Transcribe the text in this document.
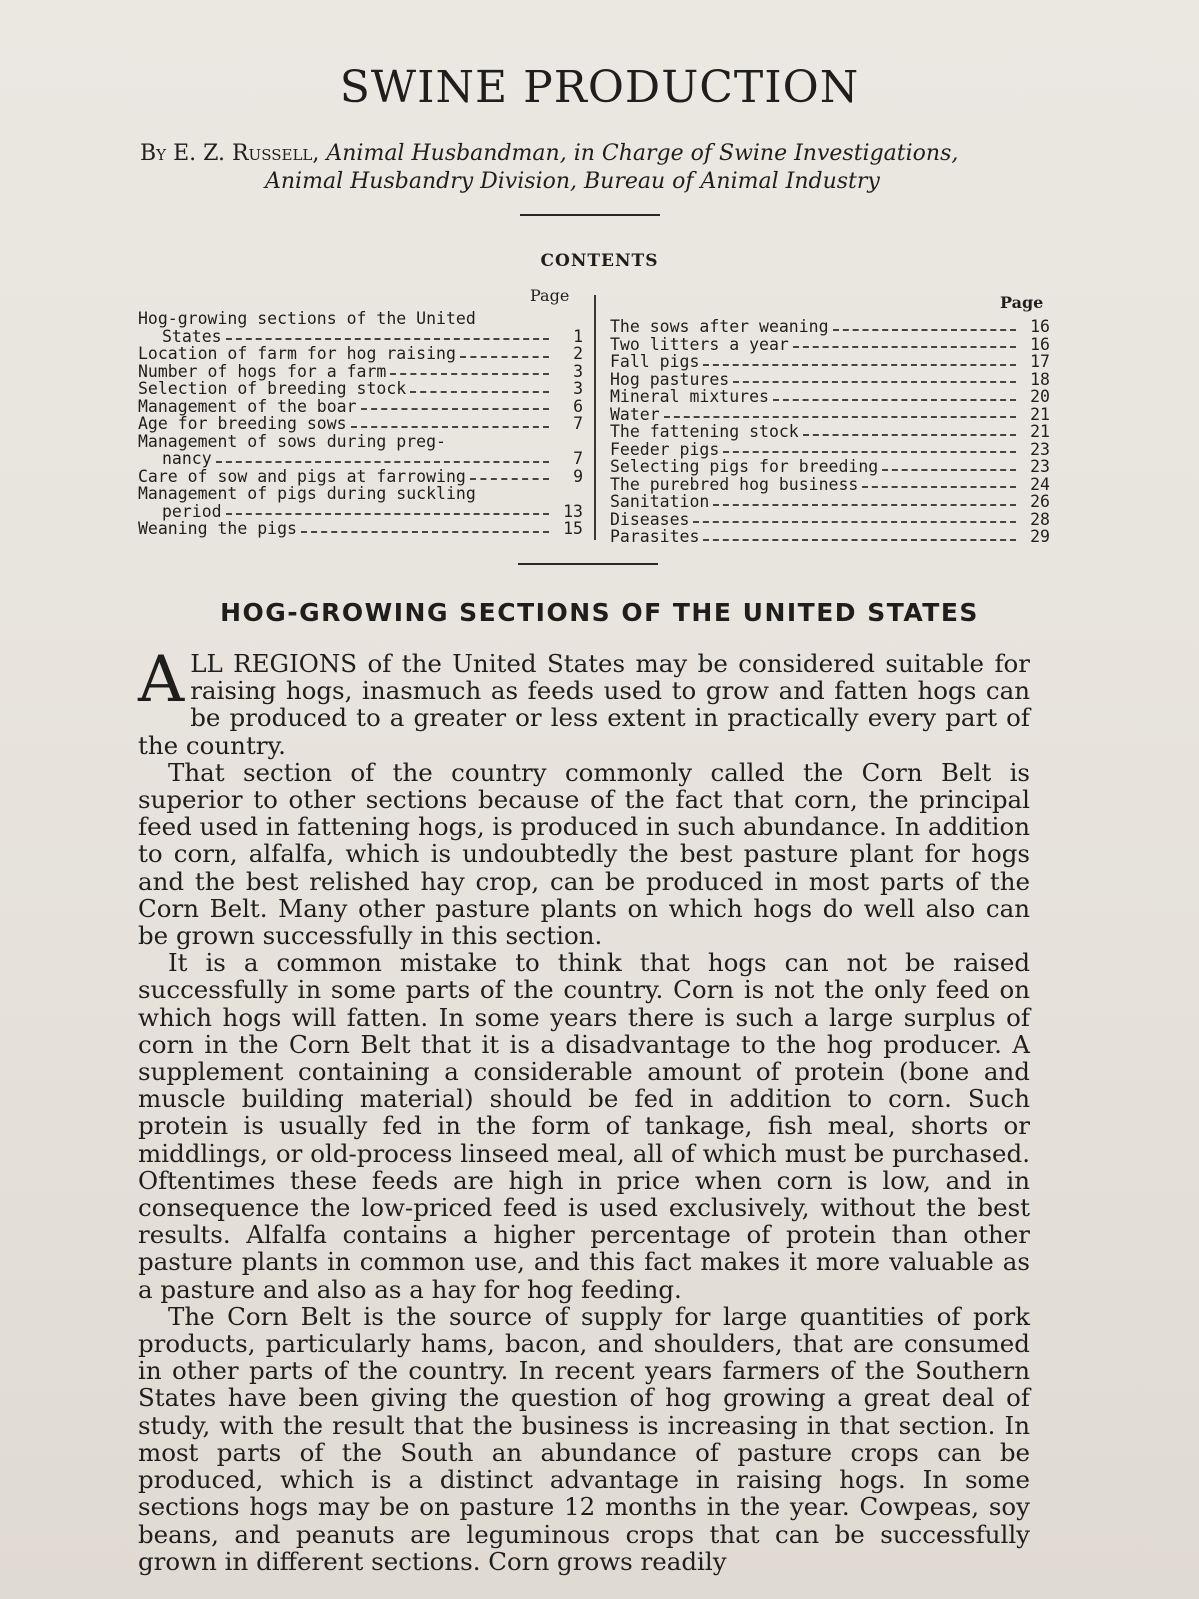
SWINE PRODUCTION
By E. Z. Russell, Animal Husbandman, in Charge of Swine Investigations,
Animal Husbandry Division, Bureau of Animal Industry
CONTENTS
Page	Page
Hog-growing sections of the United
States	1
Location of farm for hog raising	2
Number of hogs for a farm	3
Selection of breeding stock	3
Management of the boar	6
Age for breeding sows	7
Management of sows during preg-
nancy	7
Care of sow and pigs at farrowing	9
Management of pigs during suckling
period	13
Weaning the pigs	15
The sows after weaning	16
Two litters a year	16
Fall pigs	17
Hog pastures	18
Mineral mixtures	20
Water	21
The fattening stock	21
Feeder pigs	23
Selecting pigs for breeding	23
The purebred hog business	24
Sanitation	26
Diseases	28
Parasites	29
HOG-GROWING SECTIONS OF THE UNITED STATES

ALL REGIONS of the United States may be considered suitable for raising hogs, inasmuch as feeds used to grow and fatten hogs can be produced to a greater or less extent in practically every part of the country.

That section of the country commonly called the Corn Belt is superior to other sections because of the fact that corn, the principal feed used in fattening hogs, is produced in such abundance. In addition to corn, alfalfa, which is undoubtedly the best pasture plant for hogs and the best relished hay crop, can be produced in most parts of the Corn Belt. Many other pasture plants on which hogs do well also can be grown successfully in this section.

It is a common mistake to think that hogs can not be raised successfully in some parts of the country. Corn is not the only feed on which hogs will fatten. In some years there is such a large surplus of corn in the Corn Belt that it is a disadvantage to the hog producer. A supplement containing a considerable amount of protein (bone and muscle building material) should be fed in addition to corn. Such protein is usually fed in the form of tankage, fish meal, shorts or middlings, or old-process linseed meal, all of which must be purchased. Oftentimes these feeds are high in price when corn is low, and in consequence the low-priced feed is used exclusively, without the best results. Alfalfa contains a higher percentage of protein than other pasture plants in common use, and this fact makes it more valuable as a pasture and also as a hay for hog feeding.

The Corn Belt is the source of supply for large quantities of pork products, particularly hams, bacon, and shoulders, that are consumed in other parts of the country. In recent years farmers of the Southern States have been giving the question of hog growing a great deal of study, with the result that the business is increasing in that section. In most parts of the South an abundance of pasture crops can be produced, which is a distinct advantage in raising hogs. In some sections hogs may be on pasture 12 months in the year. Cowpeas, soy beans, and peanuts are leguminous crops that can be successfully grown in different sections. Corn grows readily
